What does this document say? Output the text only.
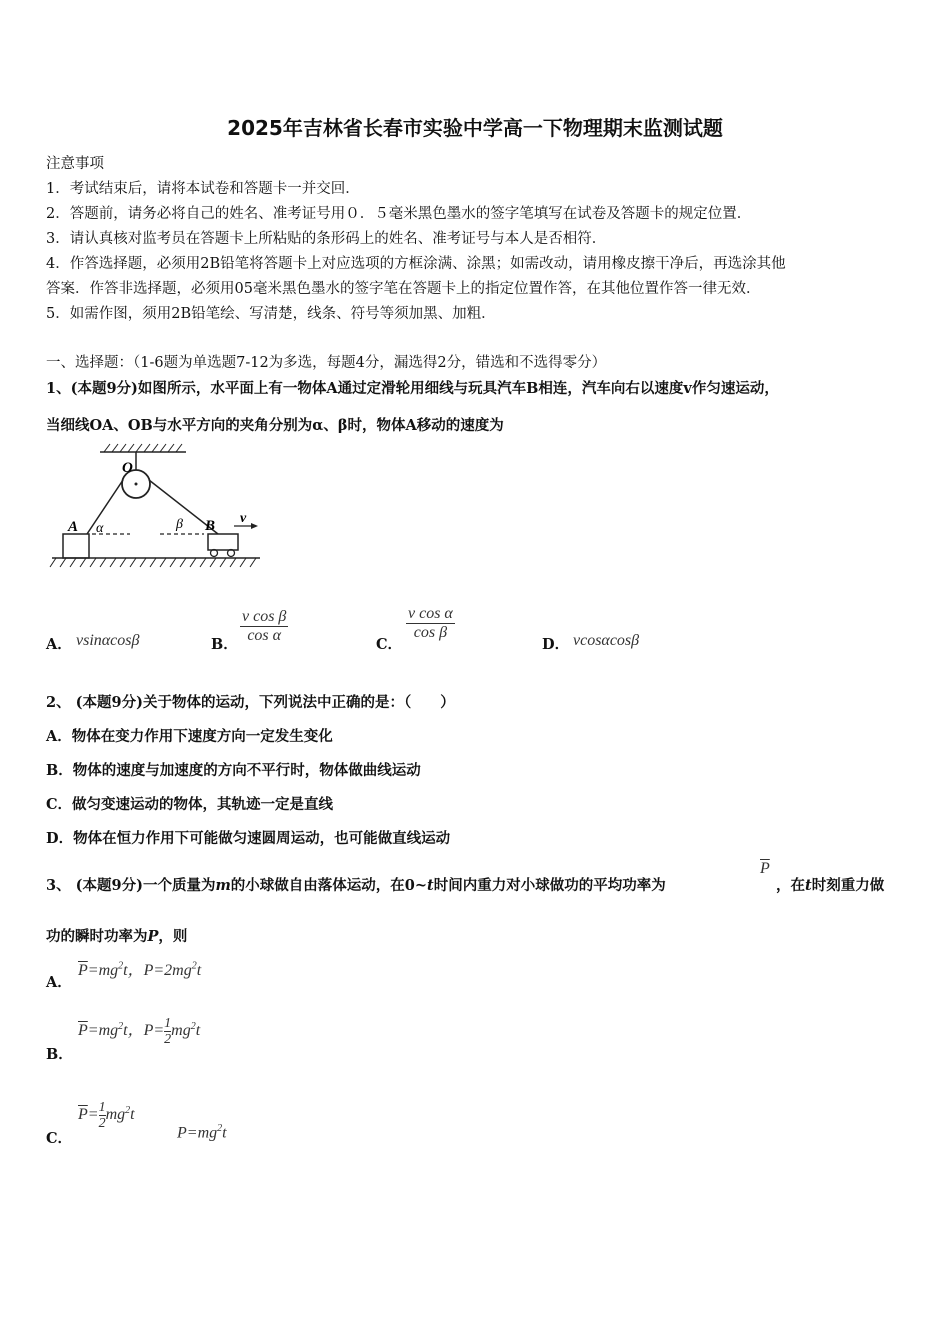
2025年吉林省长春市实验中学高一下物理期末监测试题
注意事项
1．考试结束后，请将本试卷和答题卡一并交回．
2．答题前，请务必将自己的姓名、准考证号用０．５毫米黑色墨水的签字笔填写在试卷及答题卡的规定位置．
3．请认真核对监考员在答题卡上所粘贴的条形码上的姓名、准考证号与本人是否相符．
4．作答选择题，必须用2B铅笔将答题卡上对应选项的方框涂满、涂黑；如需改动，请用橡皮擦干净后，再选涂其他
答案．作答非选择题，必须用05毫米黑色墨水的签字笔在答题卡上的指定位置作答，在其他位置作答一律无效．
5．如需作图，须用2B铅笔绘、写清楚，线条、符号等须加黑、加粗．
一、选择题：（1-6题为单选题7-12为多选，每题4分，漏选得2分，错选和不选得零分）
1、(本题9分)如图所示，水平面上有一物体A通过定滑轮用细线与玩具汽车B相连，汽车向右以速度v作匀速运动，
当细线OA、OB与水平方向的夹角分别为α、β时，物体A移动的速度为
O
A α	β B v
A． vsinαcosβ	B． $\frac{\text{v cos β}}{\text{cos α}}$	C．
$\frac{\text{v cos α}}{\text{cos β}}$
D． vcosαcosβ
2、 (本题9分)关于物体的运动，下列说法中正确的是：（　　）
A．物体在变力作用下速度方向一定发生变化
B．物体的速度与加速度的方向不平行时，物体做曲线运动
C．做匀变速运动的物体，其轨迹一定是直线
D．物体在恒力作用下可能做匀速圆周运动，也可能做直线运动
3、 (本题9分)一个质量为m的小球做自由落体运动，在0~t时间内重力对小球做功的平均功率为
$\overline{P}$
，在t时刻重力做
功的瞬时功率为P，则
A．
$\overline{P}=mg^2t$，$P=2mg^2t$
B．
$\overline{P}=mg^2t$，$P= \frac{1}{2} mg^2t$
C．
$\overline{P}= \frac{1}{2} mg^2t$
$P=mg^2t$
